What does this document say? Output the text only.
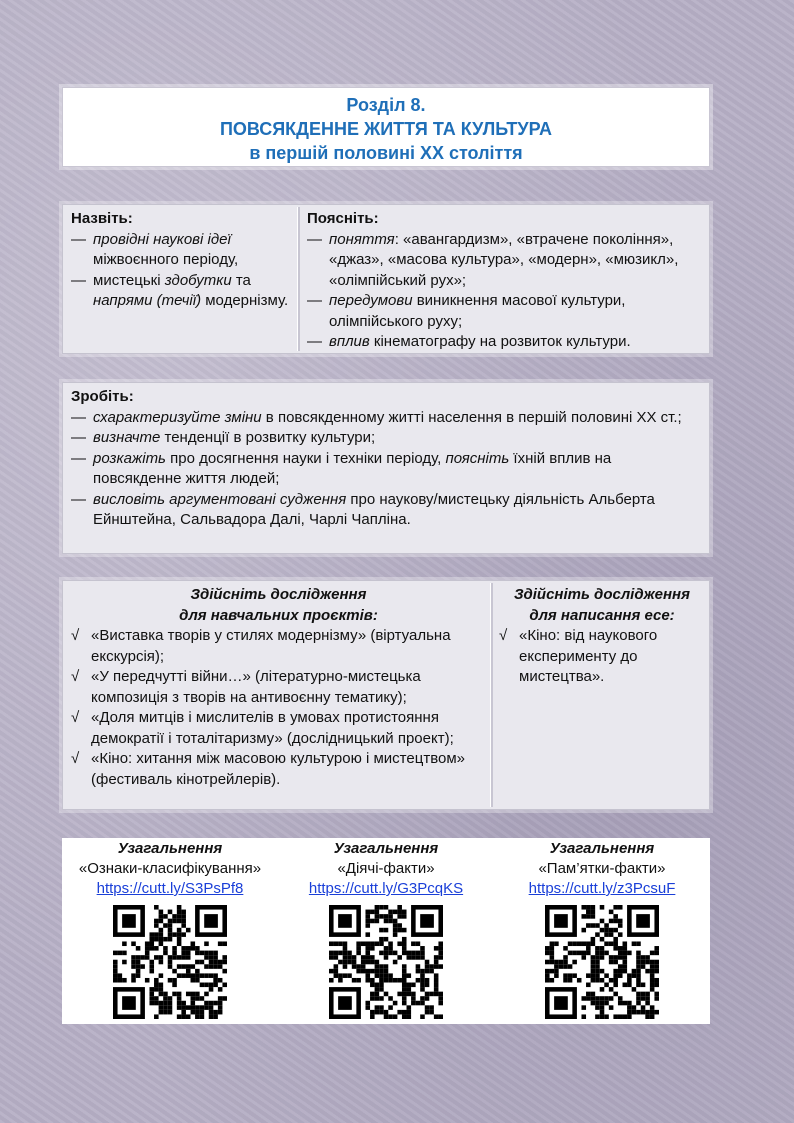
Розділ 8.
ПОВСЯКДЕННЕ ЖИТТЯ ТА КУЛЬТУРА
в першій половині ХХ століття
Назвіть:
— провідні наукові ідеї міжвоєнного періоду,
— мистецькі здобутки та напрями (течії) модернізму.
Поясніть:
— поняття: «авангардизм», «втрачене покоління», «джаз», «масова культура», «модерн», «мюзикл», «олімпійський рух»;
— передумови виникнення масової культури, олімпійського руху;
— вплив кінематографу на розвиток культури.
Зробіть:
— схарактеризуйте зміни в повсякденному житті населення в першій половині ХХ ст.;
— визначте тенденції в розвитку культури;
— розкажіть про досягнення науки і техніки періоду, поясніть їхній вплив на повсякденне життя людей;
— висловіть аргументовані судження про наукову/мистецьку діяльність Альберта Ейнштейна, Сальвадора Далі, Чарлі Чапліна.
Здійсніть дослідження
для навчальних проєктів:
√ «Виставка творів у стилях модернізму» (віртуальна екскурсія);
√ «У передчутті війни…» (літературно-мистецька композиція з творів на антивоєнну тематику);
√ «Доля митців і мислителів в умовах протистояння демократії і тоталітаризму» (дослідницький проект);
√ «Кіно: хитання між масовою культурою і мистецтвом» (фестиваль кінотрейлерів).
Здійсніть дослідження
для написання есе:
√ «Кіно: від наукового експерименту до мистецтва».
Узагальнення
«Ознаки-класифікування»
https://cutt.ly/S3PsPf8
Узагальнення
«Діячі-факти»
https://cutt.ly/G3PcqKS
Узагальнення
«Пам’ятки-факти»
https://cutt.ly/z3PcsuF
